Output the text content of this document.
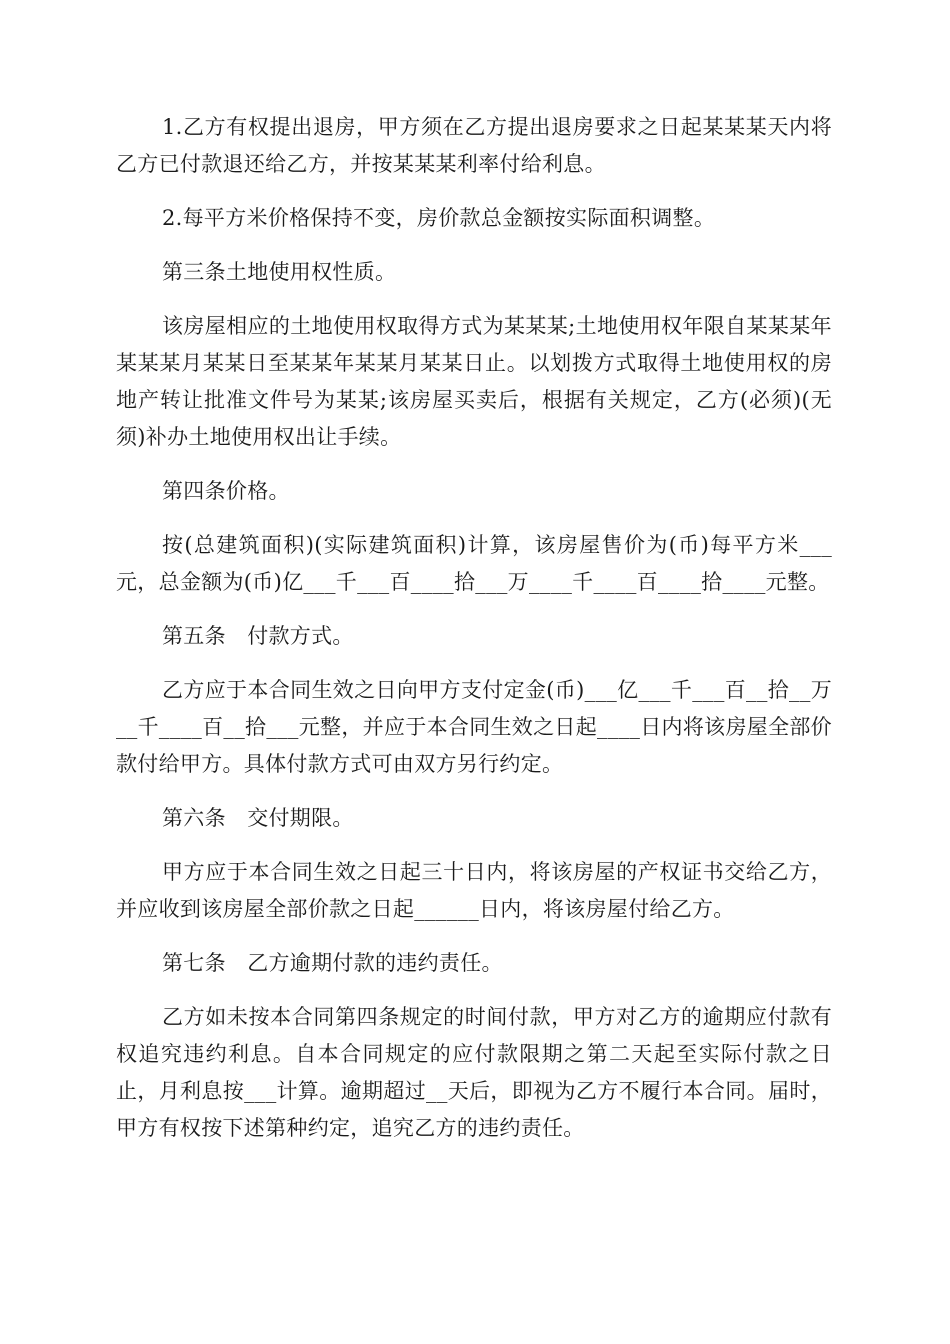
1.乙方有权提出退房，甲方须在乙方提出退房要求之日起某某某天内将乙方已付款退还给乙方，并按某某某利率付给利息。

2.每平方米价格保持不变，房价款总金额按实际面积调整。

第三条土地使用权性质。

该房屋相应的土地使用权取得方式为某某某;土地使用权年限自某某某年某某某月某某日至某某年某某月某某日止。以划拨方式取得土地使用权的房地产转让批准文件号为某某;该房屋买卖后，根据有关规定，乙方(必须)(无须)补办土地使用权出让手续。

第四条价格。

按(总建筑面积)(实际建筑面积)计算，该房屋售价为(币)每平方米___元，总金额为(币)亿___千___百____拾___万____千____百____拾____元整。

第五条　付款方式。

乙方应于本合同生效之日向甲方支付定金(币)___亿___千___百__拾__万__千____百__拾___元整，并应于本合同生效之日起____日内将该房屋全部价款付给甲方。具体付款方式可由双方另行约定。

第六条　交付期限。

甲方应于本合同生效之日起三十日内，将该房屋的产权证书交给乙方，并应收到该房屋全部价款之日起______日内，将该房屋付给乙方。

第七条　乙方逾期付款的违约责任。

乙方如未按本合同第四条规定的时间付款，甲方对乙方的逾期应付款有权追究违约利息。自本合同规定的应付款限期之第二天起至实际付款之日止，月利息按___计算。逾期超过__天后，即视为乙方不履行本合同。届时，甲方有权按下述第种约定，追究乙方的违约责任。
